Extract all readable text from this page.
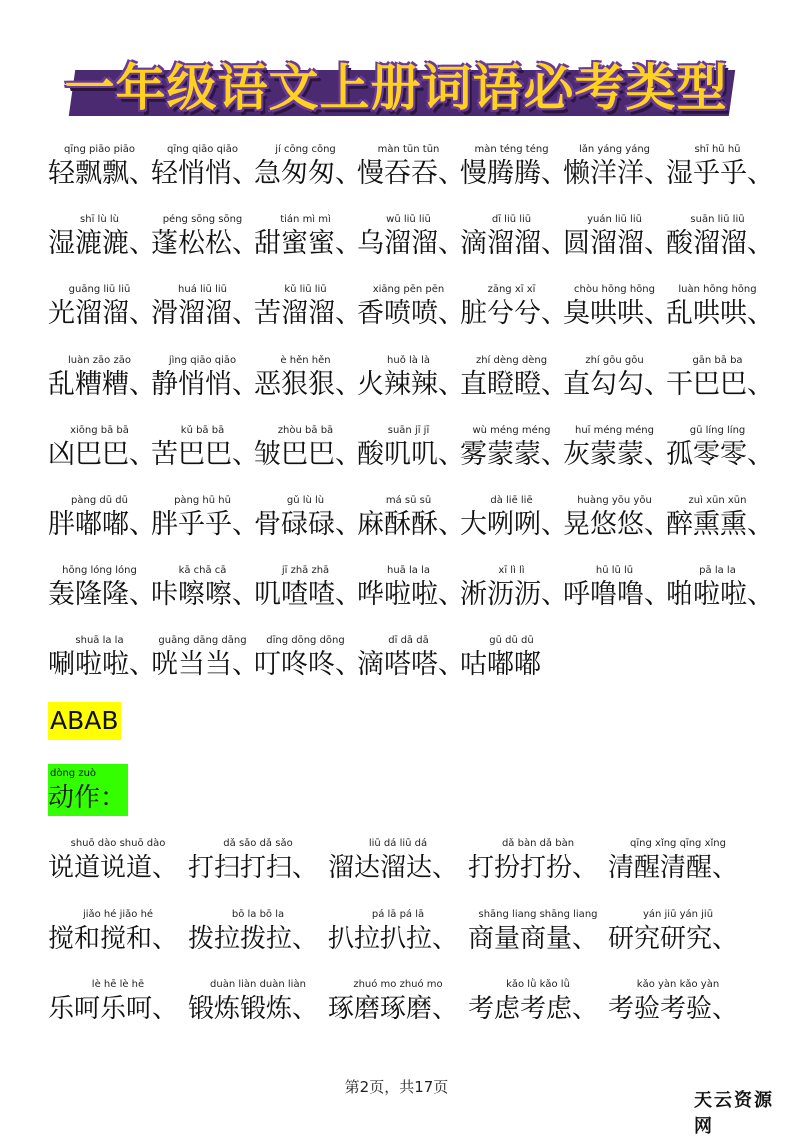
一年级语文上册词语必考类型
qīng piāo piāo
轻飘飘、
qīng qiāo qiāo
轻悄悄、
jí cōng cōng
急匆匆、
màn tūn tūn
慢吞吞、
màn téng téng
慢腾腾、
lǎn yáng yáng
懒洋洋、
shī hū hū
湿乎乎、
shī lù lù
湿漉漉、
péng sōng sōng
蓬松松、
tián mì mì
甜蜜蜜、
wū liū liū
乌溜溜、
dī liū liū
滴溜溜、
yuán liū liū
圆溜溜、
suān liū liū
酸溜溜、
guāng liū liū
光溜溜、
huá liū liū
滑溜溜、
kǔ liū liū
苦溜溜、
xiāng pēn pēn
香喷喷、
zāng xī xī
脏兮兮、
chòu hōng hōng
臭哄哄、
luàn hōng hōng
乱哄哄、
luàn zāo zāo
乱糟糟、
jìng qiāo qiāo
静悄悄、
è hěn hěn
恶狠狠、
huǒ là là
火辣辣、
zhí dèng dèng
直瞪瞪、
zhí gōu gōu
直勾勾、
gān bā ba
干巴巴、
xiōng bā bā
凶巴巴、
kǔ bā bā
苦巴巴、
zhòu bā bā
皱巴巴、
suān jī jī
酸叽叽、
wù méng méng
雾蒙蒙、
huī méng méng
灰蒙蒙、
gū líng líng
孤零零、
pàng dū dū
胖嘟嘟、
pàng hū hū
胖乎乎、
gǔ lù lù
骨碌碌、
má sū sū
麻酥酥、
dà liē liē
大咧咧、
huàng yōu yōu
晃悠悠、
zuì xūn xūn
醉熏熏、
hōng lóng lóng
轰隆隆、
kā chā cā
咔嚓嚓、
jī zhā zhā
叽喳喳、
huā la la
哗啦啦、
xī lì lì
淅沥沥、
hū lū lū
呼噜噜、
pā la la
啪啦啦、
shuā la la
唰啦啦、
guāng dāng dāng
咣当当、
dīng dōng dōng
叮咚咚、
dī dā dā
滴嗒嗒、
gū dū dū
咕嘟嘟
ABAB
dòng zuò
动作：
shuō dào shuō dào
说道说道、
dǎ sǎo dǎ sǎo
打扫打扫、
liū dá liū dá
溜达溜达、
dǎ bàn dǎ bàn
打扮打扮、
qīng xǐng qīng xǐng
清醒清醒、
jiǎo hé jiǎo hé
搅和搅和、
bō la bō la
拨拉拨拉、
pá lā pá lā
扒拉扒拉、
shāng liang shāng liang
商量商量、
yán jiū yán jiū
研究研究、
lè hē lè hē
乐呵乐呵、
duàn liàn duàn liàn
锻炼锻炼、
zhuó mo zhuó mo
琢磨琢磨、
kǎo lǜ kǎo lǜ
考虑考虑、
kǎo yàn kǎo yàn
考验考验、
第2页，共17页
天云资源网
